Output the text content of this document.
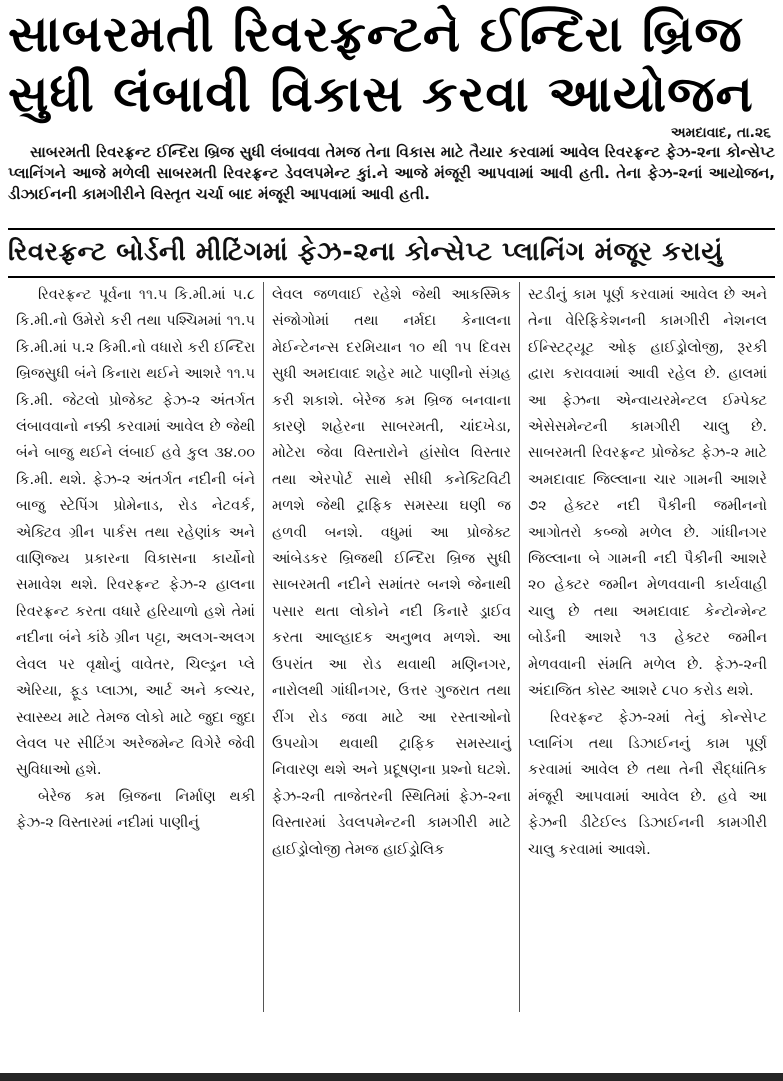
સાબરમતી રિવરફ્રન્ટને ઈન્દિરા બ્રિજ
સુધી લંબાવી વિકાસ કરવા આયોજન
અમદાવાદ, તા.૨૬

સાબરમતી રિવરફ્રન્ટ ઈન્દિરા બ્રિજ સુધી લંબાવવા તેમજ તેના વિકાસ માટે તૈયાર કરવામાં આવેલ રિવરફ્રન્ટ ફેઝ-૨ના કોન્સેપ્ટ પ્લાનિંગને આજે મળેલી સાબરમતી રિવરફ્રન્ટ ડેવલપમેન્ટ કાું.ને આજે મંજૂરી આપવામાં આવી હતી. તેના ફેઝ-૨નાં આયોજન, ડીઝાઈનની કામગીરીને વિસ્તૃત ચર્ચા બાદ મંજૂરી આપવામાં આવી હતી.

રિવરફ્રન્ટ બોર્ડની મીટિંગમાં ફેઝ-૨ના કોન્સેપ્ટ પ્લાનિંગ મંજૂર કરાયું

રિવરફ્રન્ટ પૂર્વના ૧૧.૫ કિ.મી.માં ૫.૮ કિ.મી.નો ઉમેરો કરી તથા પશ્ચિમમાં ૧૧.૫ કિ.મી.માં ૫.૨ કિમી.નો વધારો કરી ઈન્દિરા બ્રિજસુધી બંને કિનારા થઈને આશરે ૧૧.૫ કિ.મી. જેટલો પ્રોજેક્ટ ફેઝ-૨ અંતર્ગત લંબાવવાનો નક્કી કરવામાં આવેલ છે જેથી બંને બાજુ થઈને લંબાઈ હવે કુલ ૩૪.૦૦ કિ.મી. થશે. ફેઝ-૨ અંતર્ગત નદીની બંને બાજુ સ્ટેપિંગ પ્રોમેનાડ, રોડ નેટવર્ક, એક્ટિવ ગ્રીન પાર્કસ તથા રહેણાંક અને વાણિજ્ય પ્રકારના વિકાસના કાર્યોનો સમાવેશ થશે. રિવરફ્રન્ટ ફેઝ-૨ હાલના રિવરફ્રન્ટ કરતા વધારે હરિયાળો હશે તેમાં નદીના બંને કાંઠે ગ્રીન પટ્ટા, અલગ-અલગ લેવલ પર વૃક્ષોનું વાવેતર, ચિલ્ડ્રન પ્લે એરિયા, ફૂડ પ્લાઝા, આર્ટ અને કલ્ચર, સ્વાસ્થ્ય માટે તેમજ લોકો માટે જુદા જુદા લેવલ પર સીટિંગ અરેજમેન્ટ વિગેરે જેવી સુવિધાઓ હશે.

બેરેજ કમ બ્રિજના નિર્માણ થકી ફેઝ-૨ વિસ્તારમાં નદીમાં પાણીનું

લેવલ જળવાઈ રહેશે જેથી આકસ્મિક સંજોગોમાં તથા નર્મદા કેનાલના મેઈન્ટેનન્સ દરમિયાન ૧૦ થી ૧૫ દિવસ સુધી અમદાવાદ શહેર માટે પાણીનો સંગ્રહ કરી શકાશે. બેરેજ કમ બ્રિજ બનવાના કારણે શહેરના સાબરમતી, ચાંદખેડા, મોટેરા જેવા વિસ્તારોને હાંસોલ વિસ્તાર તથા એરપોર્ટ સાથે સીધી કનેક્ટિવિટી મળશે જેથી ટ્રાફિક સમસ્યા ઘણી જ હળવી બનશે. વધુમાં આ પ્રોજેક્ટ આંબેડકર બ્રિજથી ઈન્દિરા બ્રિજ સુધી સાબરમતી નદીને સમાંતર બનશે જેનાથી પસાર થતા લોકોને નદી કિનારે ડ્રાઈવ કરતા આલ્હાદક અનુભવ મળશે. આ ઉપરાંત આ રોડ થવાથી મણિનગર, નારોલથી ગાંધીનગર, ઉત્તર ગુજરાત તથા રીંગ રોડ જવા માટે આ રસ્તાઓનો ઉપયોગ થવાથી ટ્રાફિક સમસ્યાનું નિવારણ થશે અને પ્રદૂષણના પ્રશ્નો ઘટશે. ફેઝ-૨ની તાજેતરની સ્થિતિમાં ફેઝ-૨ના વિસ્તારમાં ડેવલપમેન્ટની કામગીરી માટે હાઈડ્રોલોજી તેમજ હાઈડ્રોલિક

સ્ટડીનું કામ પૂર્ણ કરવામાં આવેલ છે અને તેના વેરિફિકેશનની કામગીરી નેશનલ ઈન્સ્ટિટ્યૂટ ઓફ હાઈડ્રોલોજી, રૂરકી દ્વારા કરાવવામાં આવી રહેલ છે. હાલમાં આ ફેઝના એન્વાયરમેન્ટલ ઈમ્પેક્ટ એસેસમેન્ટની કામગીરી ચાલુ છે. સાબરમતી રિવરફ્રન્ટ પ્રોજેક્ટ ફેઝ-૨ માટે અમદાવાદ જિલ્લાના ચાર ગામની આશરે ૭૨ હેક્ટર નદી પૈકીની જમીનનો આગોતરો કબ્જો મળેલ છે. ગાંધીનગર જિલ્લાના બે ગામની નદી પૈકીની આશરે ૨૦ હેક્ટર જમીન મેળવવાની કાર્યવાહી ચાલુ છે તથા અમદાવાદ કેન્ટોન્મેન્ટ બોર્ડની આશરે ૧૩ હેક્ટર જમીન મેળવવાની સંમતિ મળેલ છે. ફેઝ-૨ની અંદાજિત કોસ્ટ આશરે ૮૫૦ કરોડ થશે.

રિવરફ્રન્ટ ફેઝ-૨માં તેનું કોન્સેપ્ટ પ્લાનિંગ તથા ડિઝાઈનનું કામ પૂર્ણ કરવામાં આવેલ છે તથા તેની સૈદ્ધાંતિક મંજૂરી આપવામાં આવેલ છે. હવે આ ફેઝની ડીટેઈલ્ડ ડિઝાઈનની કામગીરી ચાલુ કરવામાં આવશે.
